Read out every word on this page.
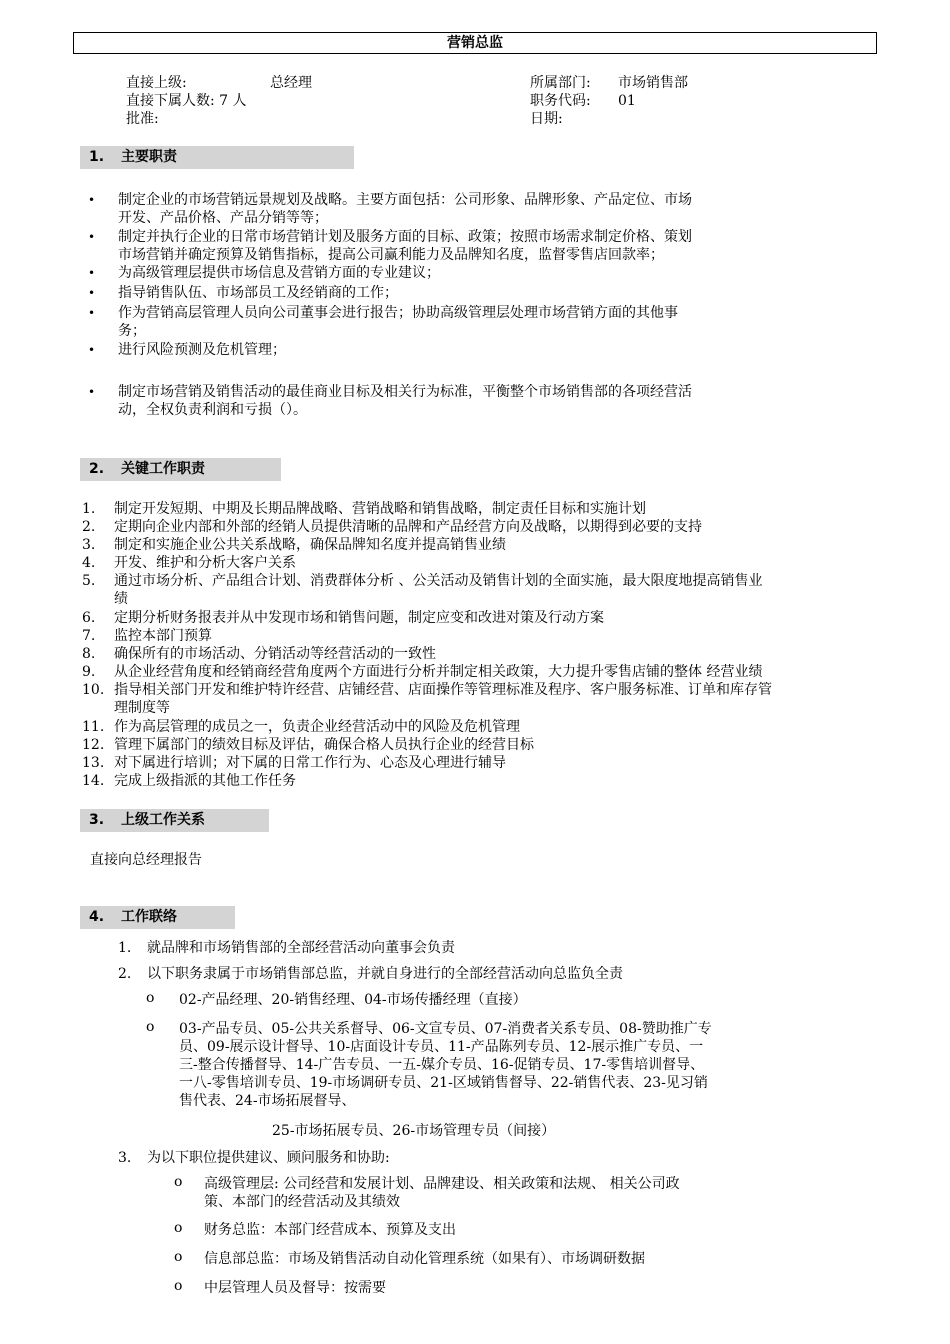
营销总监
直接上级:	总经理
直接下属人数: 7 人
批准:
所属部门: 市场销售部
职务代码: 01
日期:
1. 主要职责
• 制定企业的市场营销远景规划及战略。主要方面包括：公司形象、品牌形象、产品定位、市场
开发、产品价格、产品分销等等；
• 制定并执行企业的日常市场营销计划及服务方面的目标、政策；按照市场需求制定价格、策划
市场营销并确定预算及销售指标，提高公司赢利能力及品牌知名度，监督零售店回款率；
• 为高级管理层提供市场信息及营销方面的专业建议；
• 指导销售队伍、市场部员工及经销商的工作；
• 作为营销高层管理人员向公司董事会进行报告；协助高级管理层处理市场营销方面的其他事
务；
• 进行风险预测及危机管理；
• 制定市场营销及销售活动的最佳商业目标及相关行为标准，平衡整个市场销售部的各项经营活
动，全权负责利润和亏损（）。
2. 关键工作职责
1. 制定开发短期、中期及长期品牌战略、营销战略和销售战略，制定责任目标和实施计划
2. 定期向企业内部和外部的经销人员提供清晰的品牌和产品经营方向及战略，以期得到必要的支持
3. 制定和实施企业公共关系战略，确保品牌知名度并提高销售业绩
4. 开发、维护和分析大客户关系
5. 通过市场分析、产品组合计划、消费群体分析 、公关活动及销售计划的全面实施，最大限度地提高销售业
绩
6. 定期分析财务报表并从中发现市场和销售问题，制定应变和改进对策及行动方案
7. 监控本部门预算
8. 确保所有的市场活动、分销活动等经营活动的一致性
9. 从企业经营角度和经销商经营角度两个方面进行分析并制定相关政策，大力提升零售店铺的整体 经营业绩
10. 指导相关部门开发和维护特许经营、店铺经营、店面操作等管理标准及程序、客户服务标准、订单和库存管
理制度等
11. 作为高层管理的成员之一，负责企业经营活动中的风险及危机管理
12. 管理下属部门的绩效目标及评估，确保合格人员执行企业的经营目标
13. 对下属进行培训；对下属的日常工作行为、心态及心理进行辅导
14. 完成上级指派的其他工作任务
3. 上级工作关系
直接向总经理报告
4. 工作联络
1. 就品牌和市场销售部的全部经营活动向董事会负责
2. 以下职务隶属于市场销售部总监，并就自身进行的全部经营活动向总监负全责
o 02-产品经理、20-销售经理、04-市场传播经理（直接）
o 03-产品专员、05-公共关系督导、06-文宣专员、07-消费者关系专员、08-赞助推广专
员、09-展示设计督导、10-店面设计专员、11-产品陈列专员、12-展示推广专员、一
三-整合传播督导、14-广告专员、一五-媒介专员、16-促销专员、17-零售培训督导、
一八-零售培训专员、19-市场调研专员、21-区域销售督导、22-销售代表、23-见习销
售代表、24-市场拓展督导、
25-市场拓展专员、26-市场管理专员（间接）
3. 为以下职位提供建议、顾问服务和协助:
o 高级管理层: 公司经营和发展计划、品牌建设、相关政策和法规、 相关公司政
策、本部门的经营活动及其绩效
o 财务总监：本部门经营成本、预算及支出
o 信息部总监：市场及销售活动自动化管理系统（如果有）、市场调研数据
o 中层管理人员及督导：按需要
